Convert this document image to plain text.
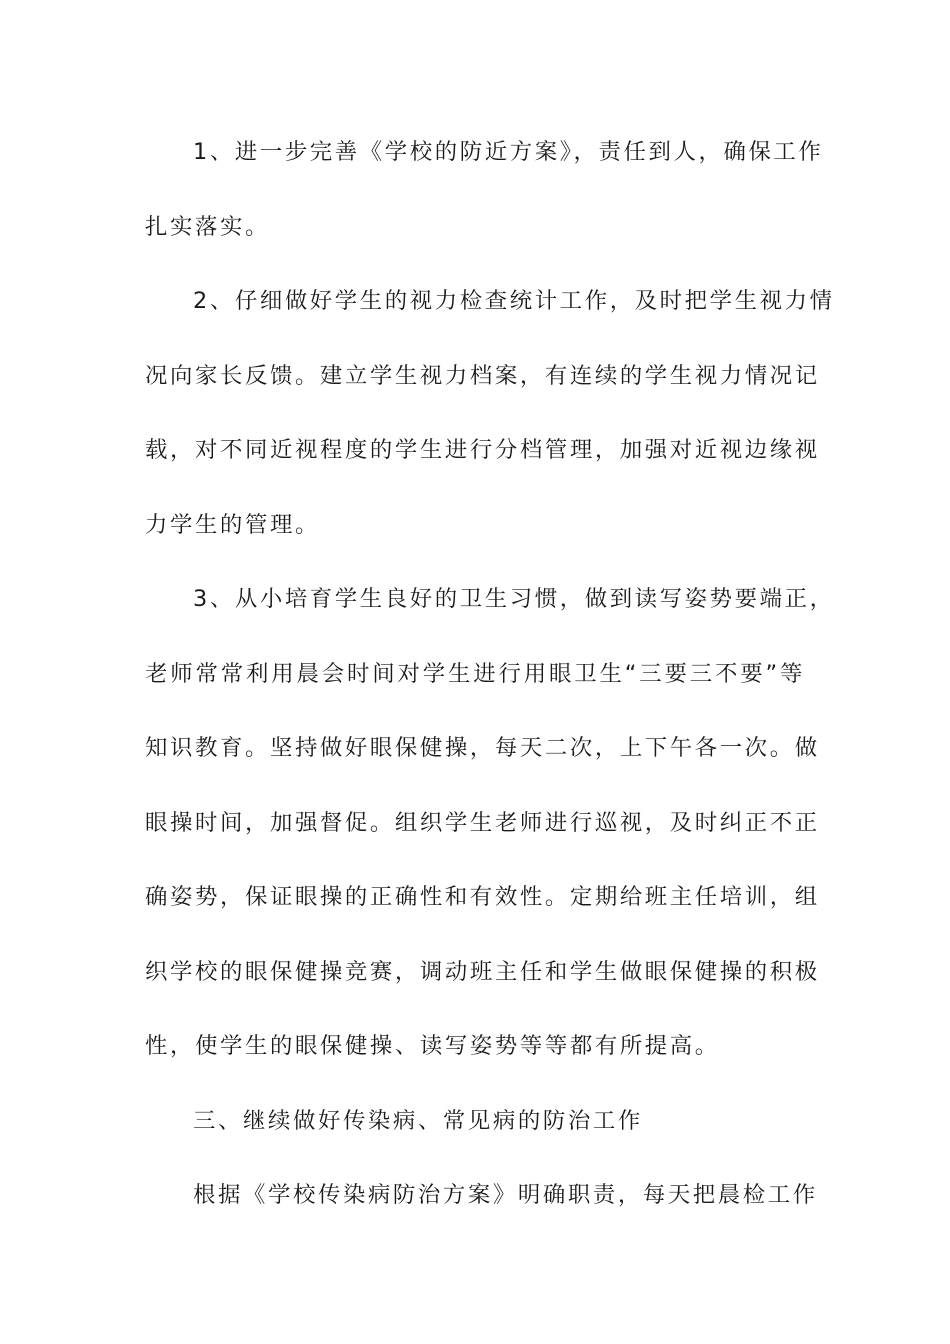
1、进一步完善《学校的防近方案》，责任到人，确保工作
扎实落实。
2、仔细做好学生的视力检查统计工作，及时把学生视力情
况向家长反馈。建立学生视力档案，有连续的学生视力情况记
载，对不同近视程度的学生进行分档管理，加强对近视边缘视
力学生的管理。
3、从小培育学生良好的卫生习惯，做到读写姿势要端正，
老师常常利用晨会时间对学生进行用眼卫生“三要三不要”等
知识教育。坚持做好眼保健操，每天二次，上下午各一次。做
眼操时间，加强督促。组织学生老师进行巡视，及时纠正不正
确姿势，保证眼操的正确性和有效性。定期给班主任培训，组
织学校的眼保健操竞赛，调动班主任和学生做眼保健操的积极
性，使学生的眼保健操、读写姿势等等都有所提高。
三、继续做好传染病、常见病的防治工作
根据《学校传染病防治方案》明确职责，每天把晨检工作
